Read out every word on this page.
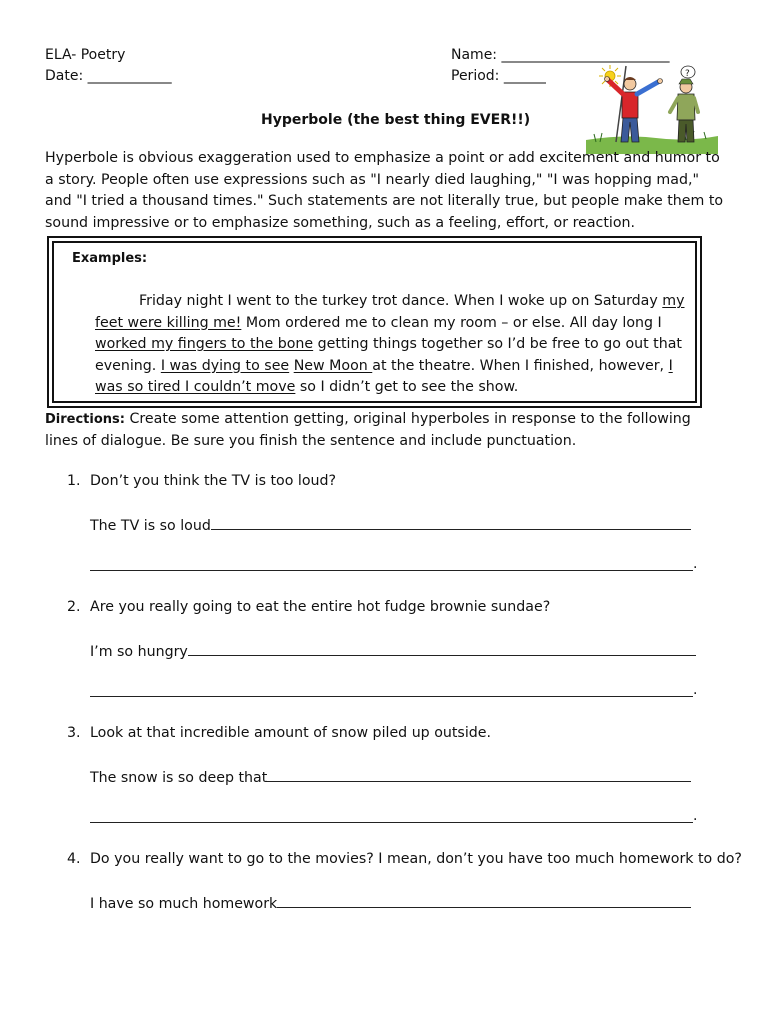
ELA- Poetry
Date: ____________
Name: ________________________
Period: ______	?
Hyperbole (the best thing EVER!!)
Hyperbole is obvious exaggeration used to emphasize a point or add excitement and humor to a story. People often use expressions such as "I nearly died laughing," "I was hopping mad," and "I tried a thousand times." Such statements are not literally true, but people make them to sound impressive or to emphasize something, such as a feeling, effort, or reaction.
Examples:
Friday night I went to the turkey trot dance. When I woke up on Saturday my feet were killing me! Mom ordered me to clean my room – or else. All day long I worked my fingers to the bone getting things together so I’d be free to go out that evening. I was dying to see New Moon at the theatre. When I finished, however, I was so tired I couldn’t move so I didn’t get to see the show.
Directions: Create some attention getting, original hyperboles in response to the following lines of dialogue. Be sure you finish the sentence and include punctuation.
1. Don’t you think the TV is too loud?
The TV is so loud
.
2. Are you really going to eat the entire hot fudge brownie sundae?
I’m so hungry
.
3. Look at that incredible amount of snow piled up outside.
The snow is so deep that
.
4. Do you really want to go to the movies? I mean, don’t you have too much homework to do?
I have so much homework
